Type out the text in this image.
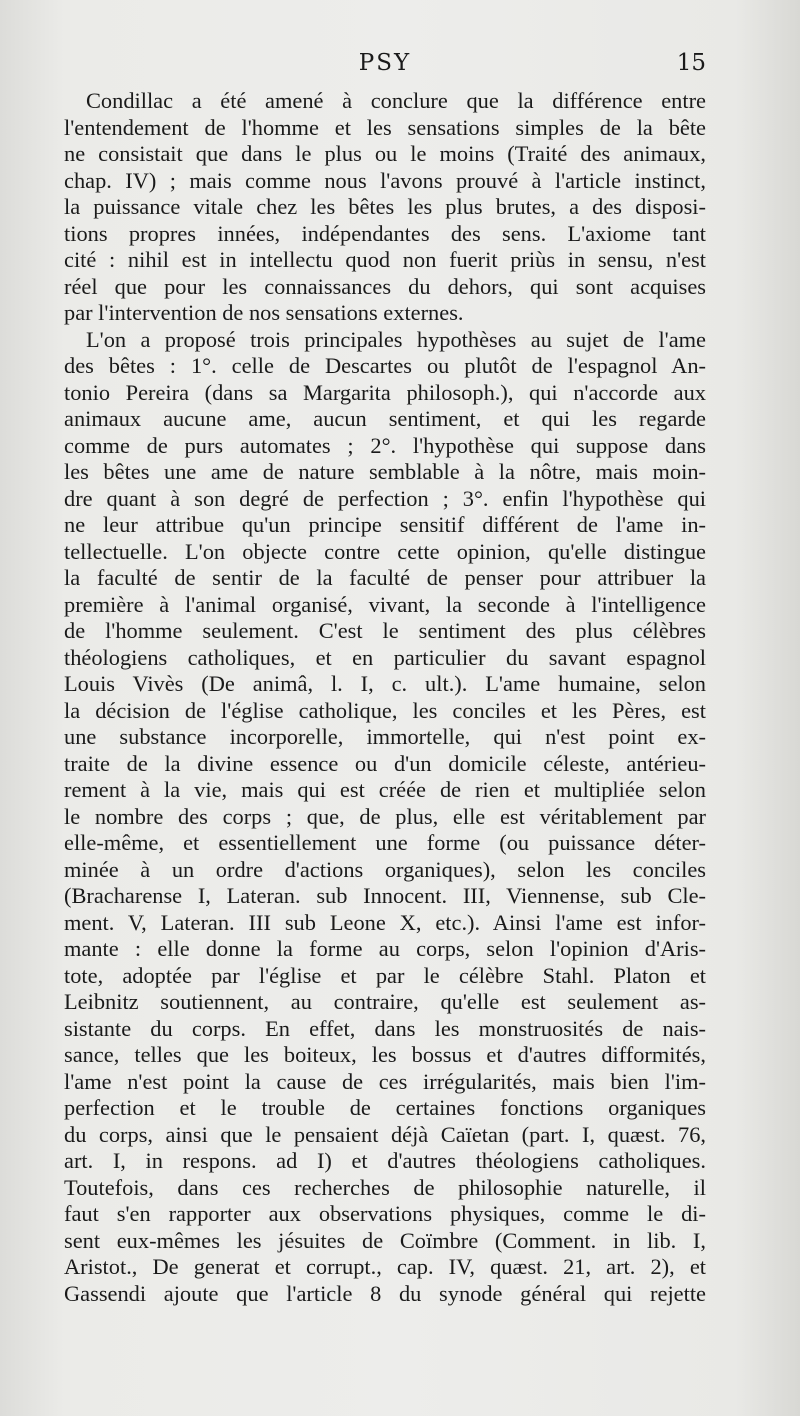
PSY	15
Condillac a été amené à conclure que la différence entre
l'entendement de l'homme et les sensations simples de la bête
ne consistait que dans le plus ou le moins (Traité des animaux,
chap. IV) ; mais comme nous l'avons prouvé à l'article instinct,
la puissance vitale chez les bêtes les plus brutes, a des disposi-
tions propres innées, indépendantes des sens. L'axiome tant
cité : nihil est in intellectu quod non fuerit priùs in sensu, n'est
réel que pour les connaissances du dehors, qui sont acquises
par l'intervention de nos sensations externes.
L'on a proposé trois principales hypothèses au sujet de l'ame
des bêtes : 1°. celle de Descartes ou plutôt de l'espagnol An-
tonio Pereira (dans sa Margarita philosoph.), qui n'accorde aux
animaux aucune ame, aucun sentiment, et qui les regarde
comme de purs automates ; 2°. l'hypothèse qui suppose dans
les bêtes une ame de nature semblable à la nôtre, mais moin-
dre quant à son degré de perfection ; 3°. enfin l'hypothèse qui
ne leur attribue qu'un principe sensitif différent de l'ame in-
tellectuelle. L'on objecte contre cette opinion, qu'elle distingue
la faculté de sentir de la faculté de penser pour attribuer la
première à l'animal organisé, vivant, la seconde à l'intelligence
de l'homme seulement. C'est le sentiment des plus célèbres
théologiens catholiques, et en particulier du savant espagnol
Louis Vivès (De animâ, l. I, c. ult.). L'ame humaine, selon
la décision de l'église catholique, les conciles et les Pères, est
une substance incorporelle, immortelle, qui n'est point ex-
traite de la divine essence ou d'un domicile céleste, antérieu-
rement à la vie, mais qui est créée de rien et multipliée selon
le nombre des corps ; que, de plus, elle est véritablement par
elle-même, et essentiellement une forme (ou puissance déter-
minée à un ordre d'actions organiques), selon les conciles
(Bracharense I, Lateran. sub Innocent. III, Viennense, sub Cle-
ment. V, Lateran. III sub Leone X, etc.). Ainsi l'ame est infor-
mante : elle donne la forme au corps, selon l'opinion d'Aris-
tote, adoptée par l'église et par le célèbre Stahl. Platon et
Leibnitz soutiennent, au contraire, qu'elle est seulement as-
sistante du corps. En effet, dans les monstruosités de nais-
sance, telles que les boiteux, les bossus et d'autres difformités,
l'ame n'est point la cause de ces irrégularités, mais bien l'im-
perfection et le trouble de certaines fonctions organiques
du corps, ainsi que le pensaient déjà Caïetan (part. I, quæst. 76,
art. I, in respons. ad I) et d'autres théologiens catholiques.
Toutefois, dans ces recherches de philosophie naturelle, il
faut s'en rapporter aux observations physiques, comme le di-
sent eux-mêmes les jésuites de Coïmbre (Comment. in lib. I,
Aristot., De generat et corrupt., cap. IV, quæst. 21, art. 2), et
Gassendi ajoute que l'article 8 du synode général qui rejette
